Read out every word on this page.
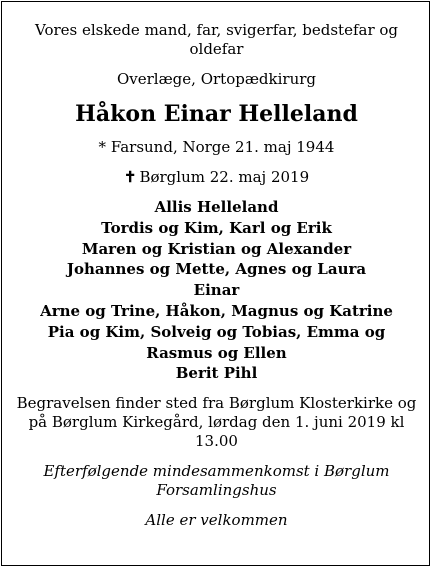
Vores elskede mand, far, svigerfar, bedstefar og oldefar
Overlæge, Ortopædkirurg
Håkon Einar Helleland
* Farsund, Norge 21. maj 1944
✝ Børglum 22. maj 2019
Allis Helleland
Tordis og Kim, Karl og Erik
Maren og Kristian og Alexander
Johannes og Mette, Agnes og Laura
Einar
Arne og Trine, Håkon, Magnus og Katrine
Pia og Kim, Solveig og Tobias, Emma og Rasmus og Ellen
Berit Pihl
Begravelsen finder sted fra Børglum Klosterkirke og på Børglum Kirkegård, lørdag den 1. juni 2019 kl 13.00
Efterfølgende mindesammenkomst i Børglum Forsamlingshus
Alle er velkommen
